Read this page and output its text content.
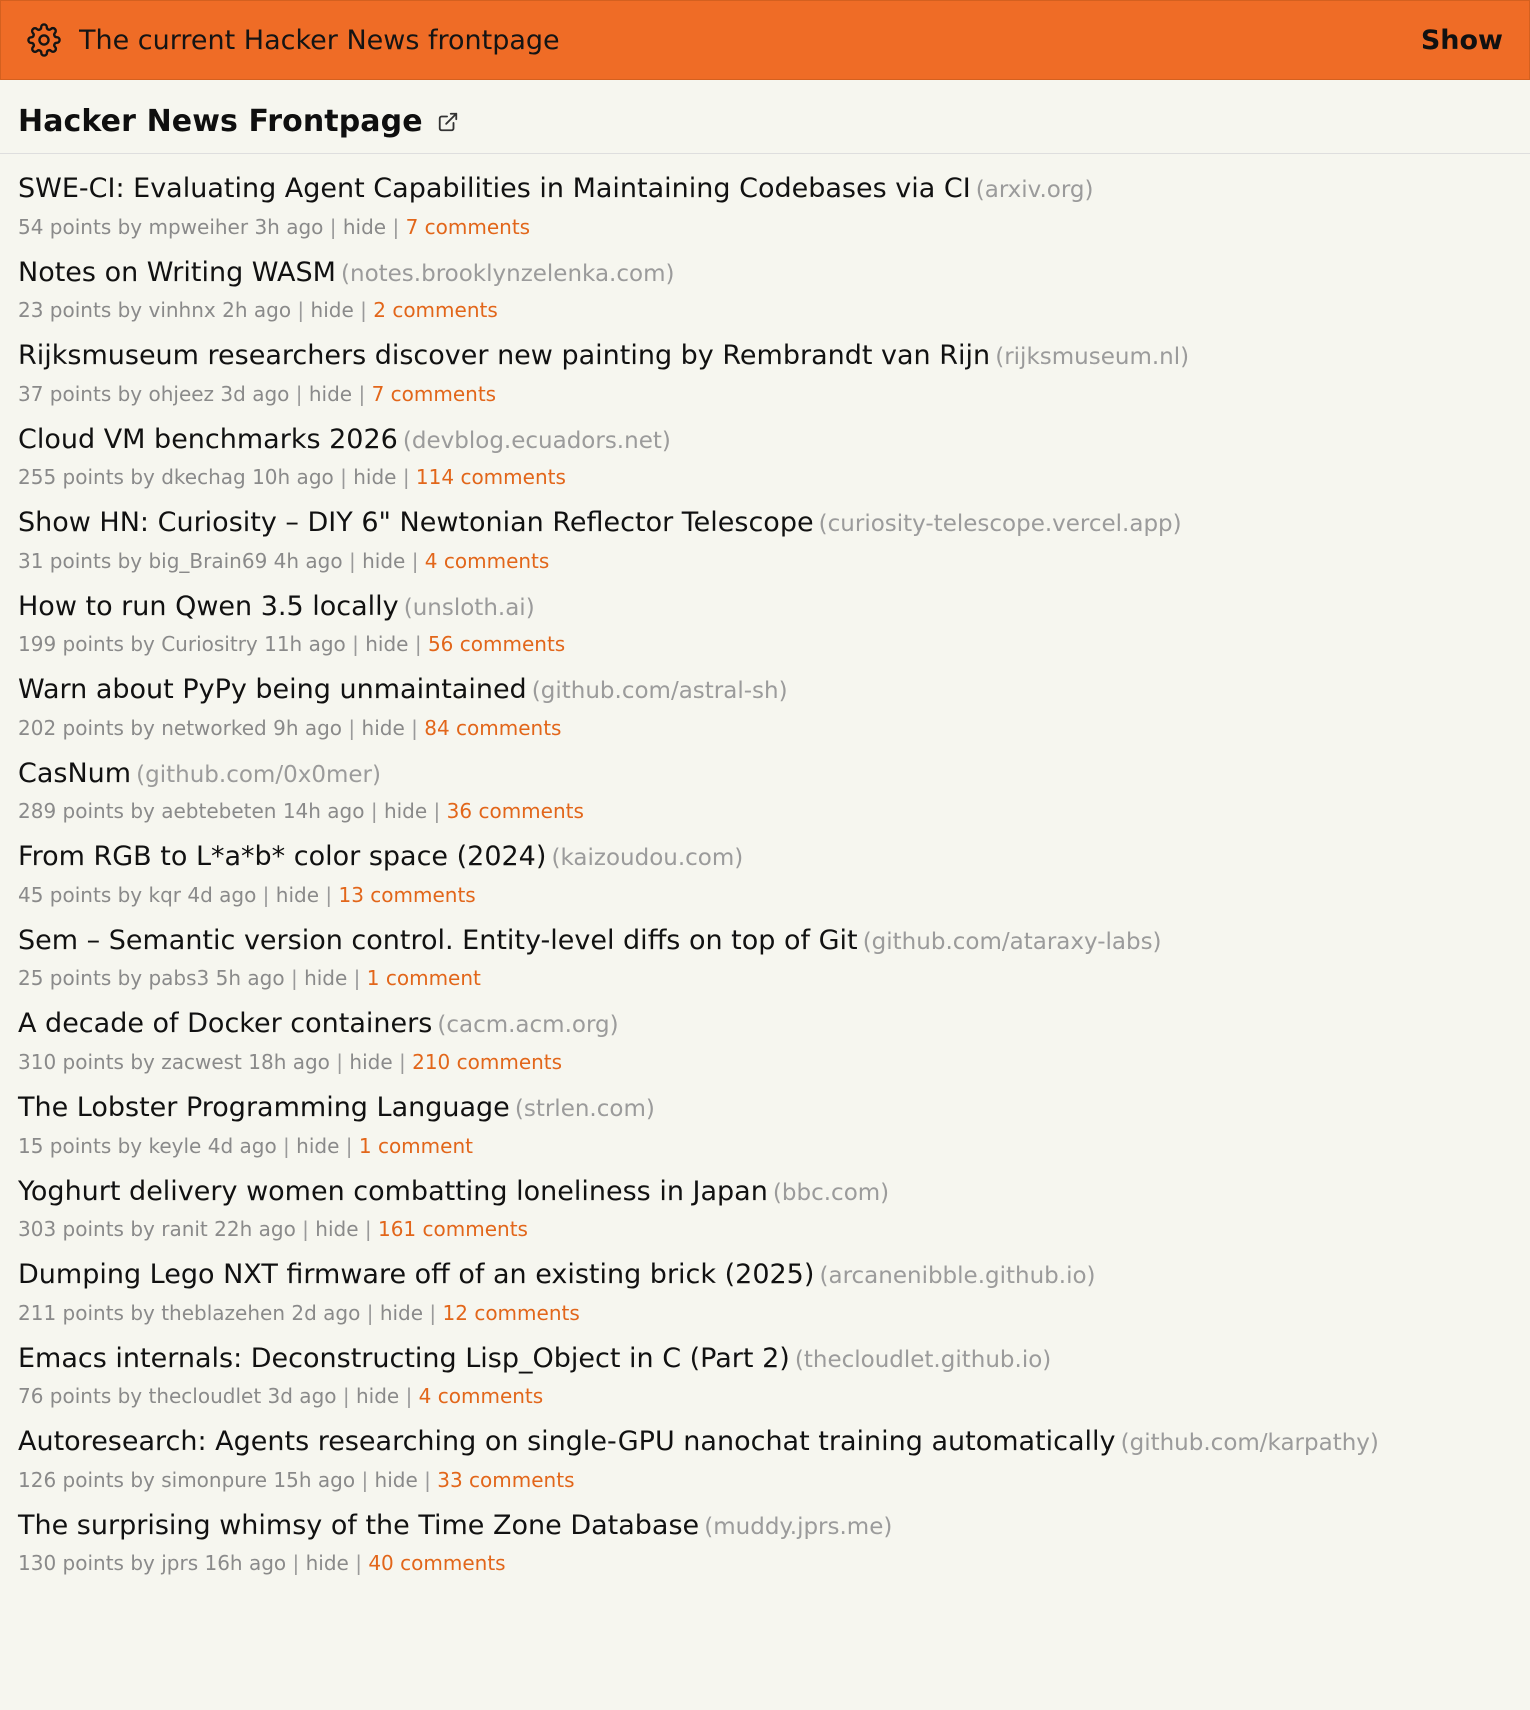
The current Hacker News frontpage	Show
Hacker News Frontpage
SWE-CI: Evaluating Agent Capabilities in Maintaining Codebases via CI (arxiv.org)
54 points by mpweiher 3h ago | hide | 7 comments
Notes on Writing WASM (notes.brooklynzelenka.com)
23 points by vinhnx 2h ago | hide | 2 comments
Rijksmuseum researchers discover new painting by Rembrandt van Rijn (rijksmuseum.nl)
37 points by ohjeez 3d ago | hide | 7 comments
Cloud VM benchmarks 2026 (devblog.ecuadors.net)
255 points by dkechag 10h ago | hide | 114 comments
Show HN: Curiosity – DIY 6" Newtonian Reflector Telescope (curiosity-telescope.vercel.app)
31 points by big_Brain69 4h ago | hide | 4 comments
How to run Qwen 3.5 locally (unsloth.ai)
199 points by Curiositry 11h ago | hide | 56 comments
Warn about PyPy being unmaintained (github.com/astral-sh)
202 points by networked 9h ago | hide | 84 comments
CasNum (github.com/0x0mer)
289 points by aebtebeten 14h ago | hide | 36 comments
From RGB to L*a*b* color space (2024) (kaizoudou.com)
45 points by kqr 4d ago | hide | 13 comments
Sem – Semantic version control. Entity-level diffs on top of Git (github.com/ataraxy-labs)
25 points by pabs3 5h ago | hide | 1 comment
A decade of Docker containers (cacm.acm.org)
310 points by zacwest 18h ago | hide | 210 comments
The Lobster Programming Language (strlen.com)
15 points by keyle 4d ago | hide | 1 comment
Yoghurt delivery women combatting loneliness in Japan (bbc.com)
303 points by ranit 22h ago | hide | 161 comments
Dumping Lego NXT firmware off of an existing brick (2025) (arcanenibble.github.io)
211 points by theblazehen 2d ago | hide | 12 comments
Emacs internals: Deconstructing Lisp_Object in C (Part 2) (thecloudlet.github.io)
76 points by thecloudlet 3d ago | hide | 4 comments
Autoresearch: Agents researching on single-GPU nanochat training automatically (github.com/karpathy)
126 points by simonpure 15h ago | hide | 33 comments
The surprising whimsy of the Time Zone Database (muddy.jprs.me)
130 points by jprs 16h ago | hide | 40 comments
